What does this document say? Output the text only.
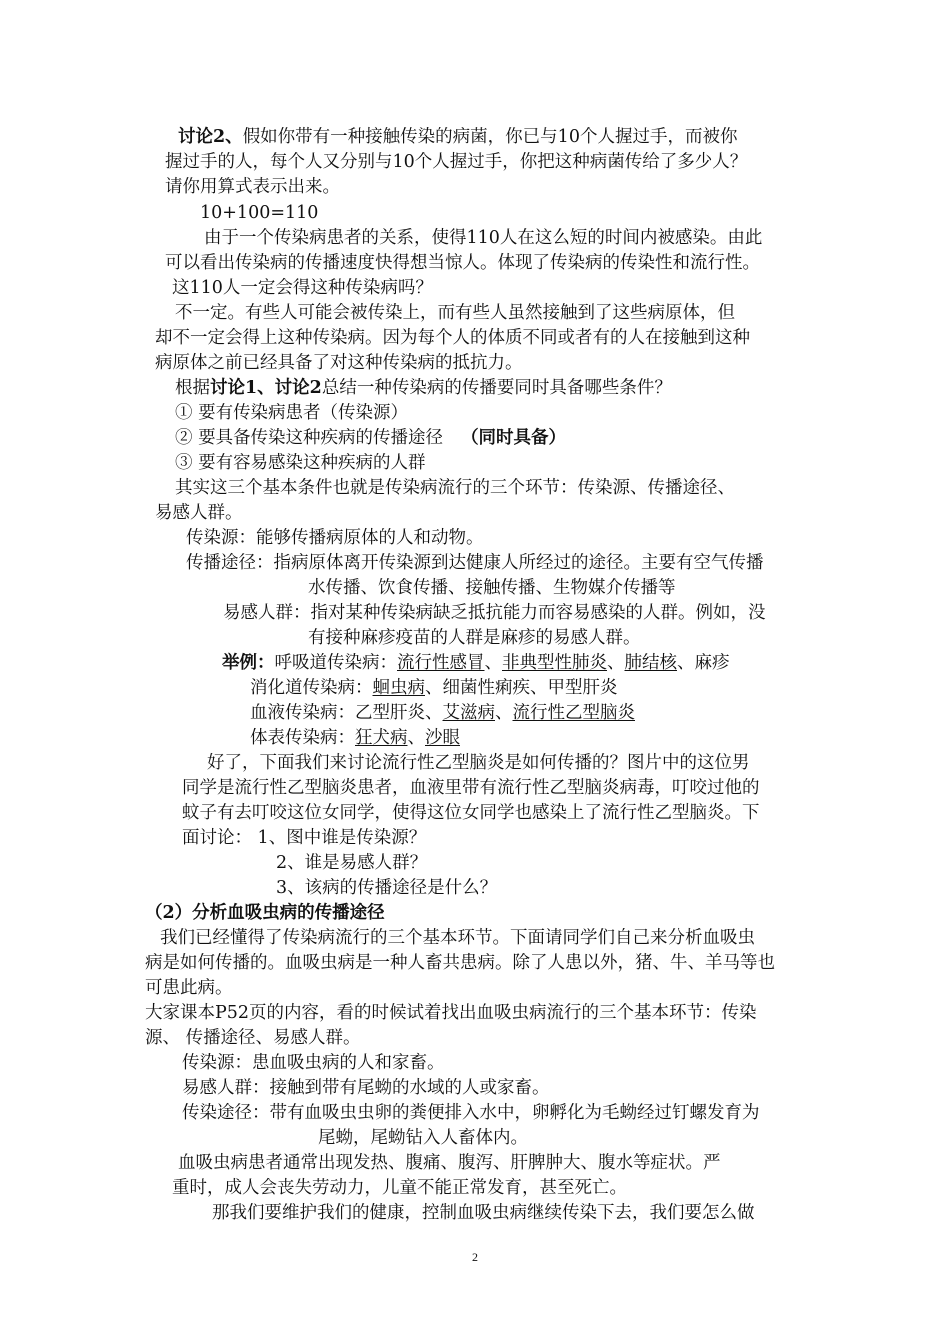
讨论2、假如你带有一种接触传染的病菌，你已与10个人握过手，而被你
握过手的人，每个人又分别与10个人握过手，你把这种病菌传给了多少人？
请你用算式表示出来。
10+100=110
由于一个传染病患者的关系，使得110人在这么短的时间内被感染。由此
可以看出传染病的传播速度快得想当惊人。体现了传染病的传染性和流行性。
这110人一定会得这种传染病吗？
不一定。有些人可能会被传染上，而有些人虽然接触到了这些病原体，但
却不一定会得上这种传染病。因为每个人的体质不同或者有的人在接触到这种
病原体之前已经具备了对这种传染病的抵抗力。
根据讨论1、讨论2总结一种传染病的传播要同时具备哪些条件？
① 要有传染病患者（传染源）
② 要具备传染这种疾病的传播途径 （同时具备）
③ 要有容易感染这种疾病的人群
其实这三个基本条件也就是传染病流行的三个环节：传染源、传播途径、
易感人群。
传染源：能够传播病原体的人和动物。
传播途径：指病原体离开传染源到达健康人所经过的途径。主要有空气传播
水传播、饮食传播、接触传播、生物媒介传播等
易感人群：指对某种传染病缺乏抵抗能力而容易感染的人群。例如，没
有接种麻疹疫苗的人群是麻疹的易感人群。
举例：呼吸道传染病：流行性感冒、非典型性肺炎、肺结核、麻疹
消化道传染病：蛔虫病、细菌性痢疾、甲型肝炎
血液传染病：乙型肝炎、艾滋病、流行性乙型脑炎
体表传染病：狂犬病、沙眼
好了，下面我们来讨论流行性乙型脑炎是如何传播的？图片中的这位男
同学是流行性乙型脑炎患者，血液里带有流行性乙型脑炎病毒，叮咬过他的
蚊子有去叮咬这位女同学，使得这位女同学也感染上了流行性乙型脑炎。下
面讨论： 1、图中谁是传染源？
2、谁是易感人群？
3、该病的传播途径是什么？
（2）分析血吸虫病的传播途径
我们已经懂得了传染病流行的三个基本环节。下面请同学们自己来分析血吸虫
病是如何传播的。血吸虫病是一种人畜共患病。除了人患以外，猪、牛、羊马等也
可患此病。
大家课本P52页的内容，看的时候试着找出血吸虫病流行的三个基本环节：传染
源、 传播途径、易感人群。
传染源：患血吸虫病的人和家畜。
易感人群：接触到带有尾蚴的水域的人或家畜。
传染途径：带有血吸虫虫卵的粪便排入水中，卵孵化为毛蚴经过钉螺发育为
尾蚴，尾蚴钻入人畜体内。
血吸虫病患者通常出现发热、腹痛、腹泻、肝脾肿大、腹水等症状。严
重时，成人会丧失劳动力，儿童不能正常发育，甚至死亡。
那我们要维护我们的健康，控制血吸虫病继续传染下去，我们要怎么做
2
